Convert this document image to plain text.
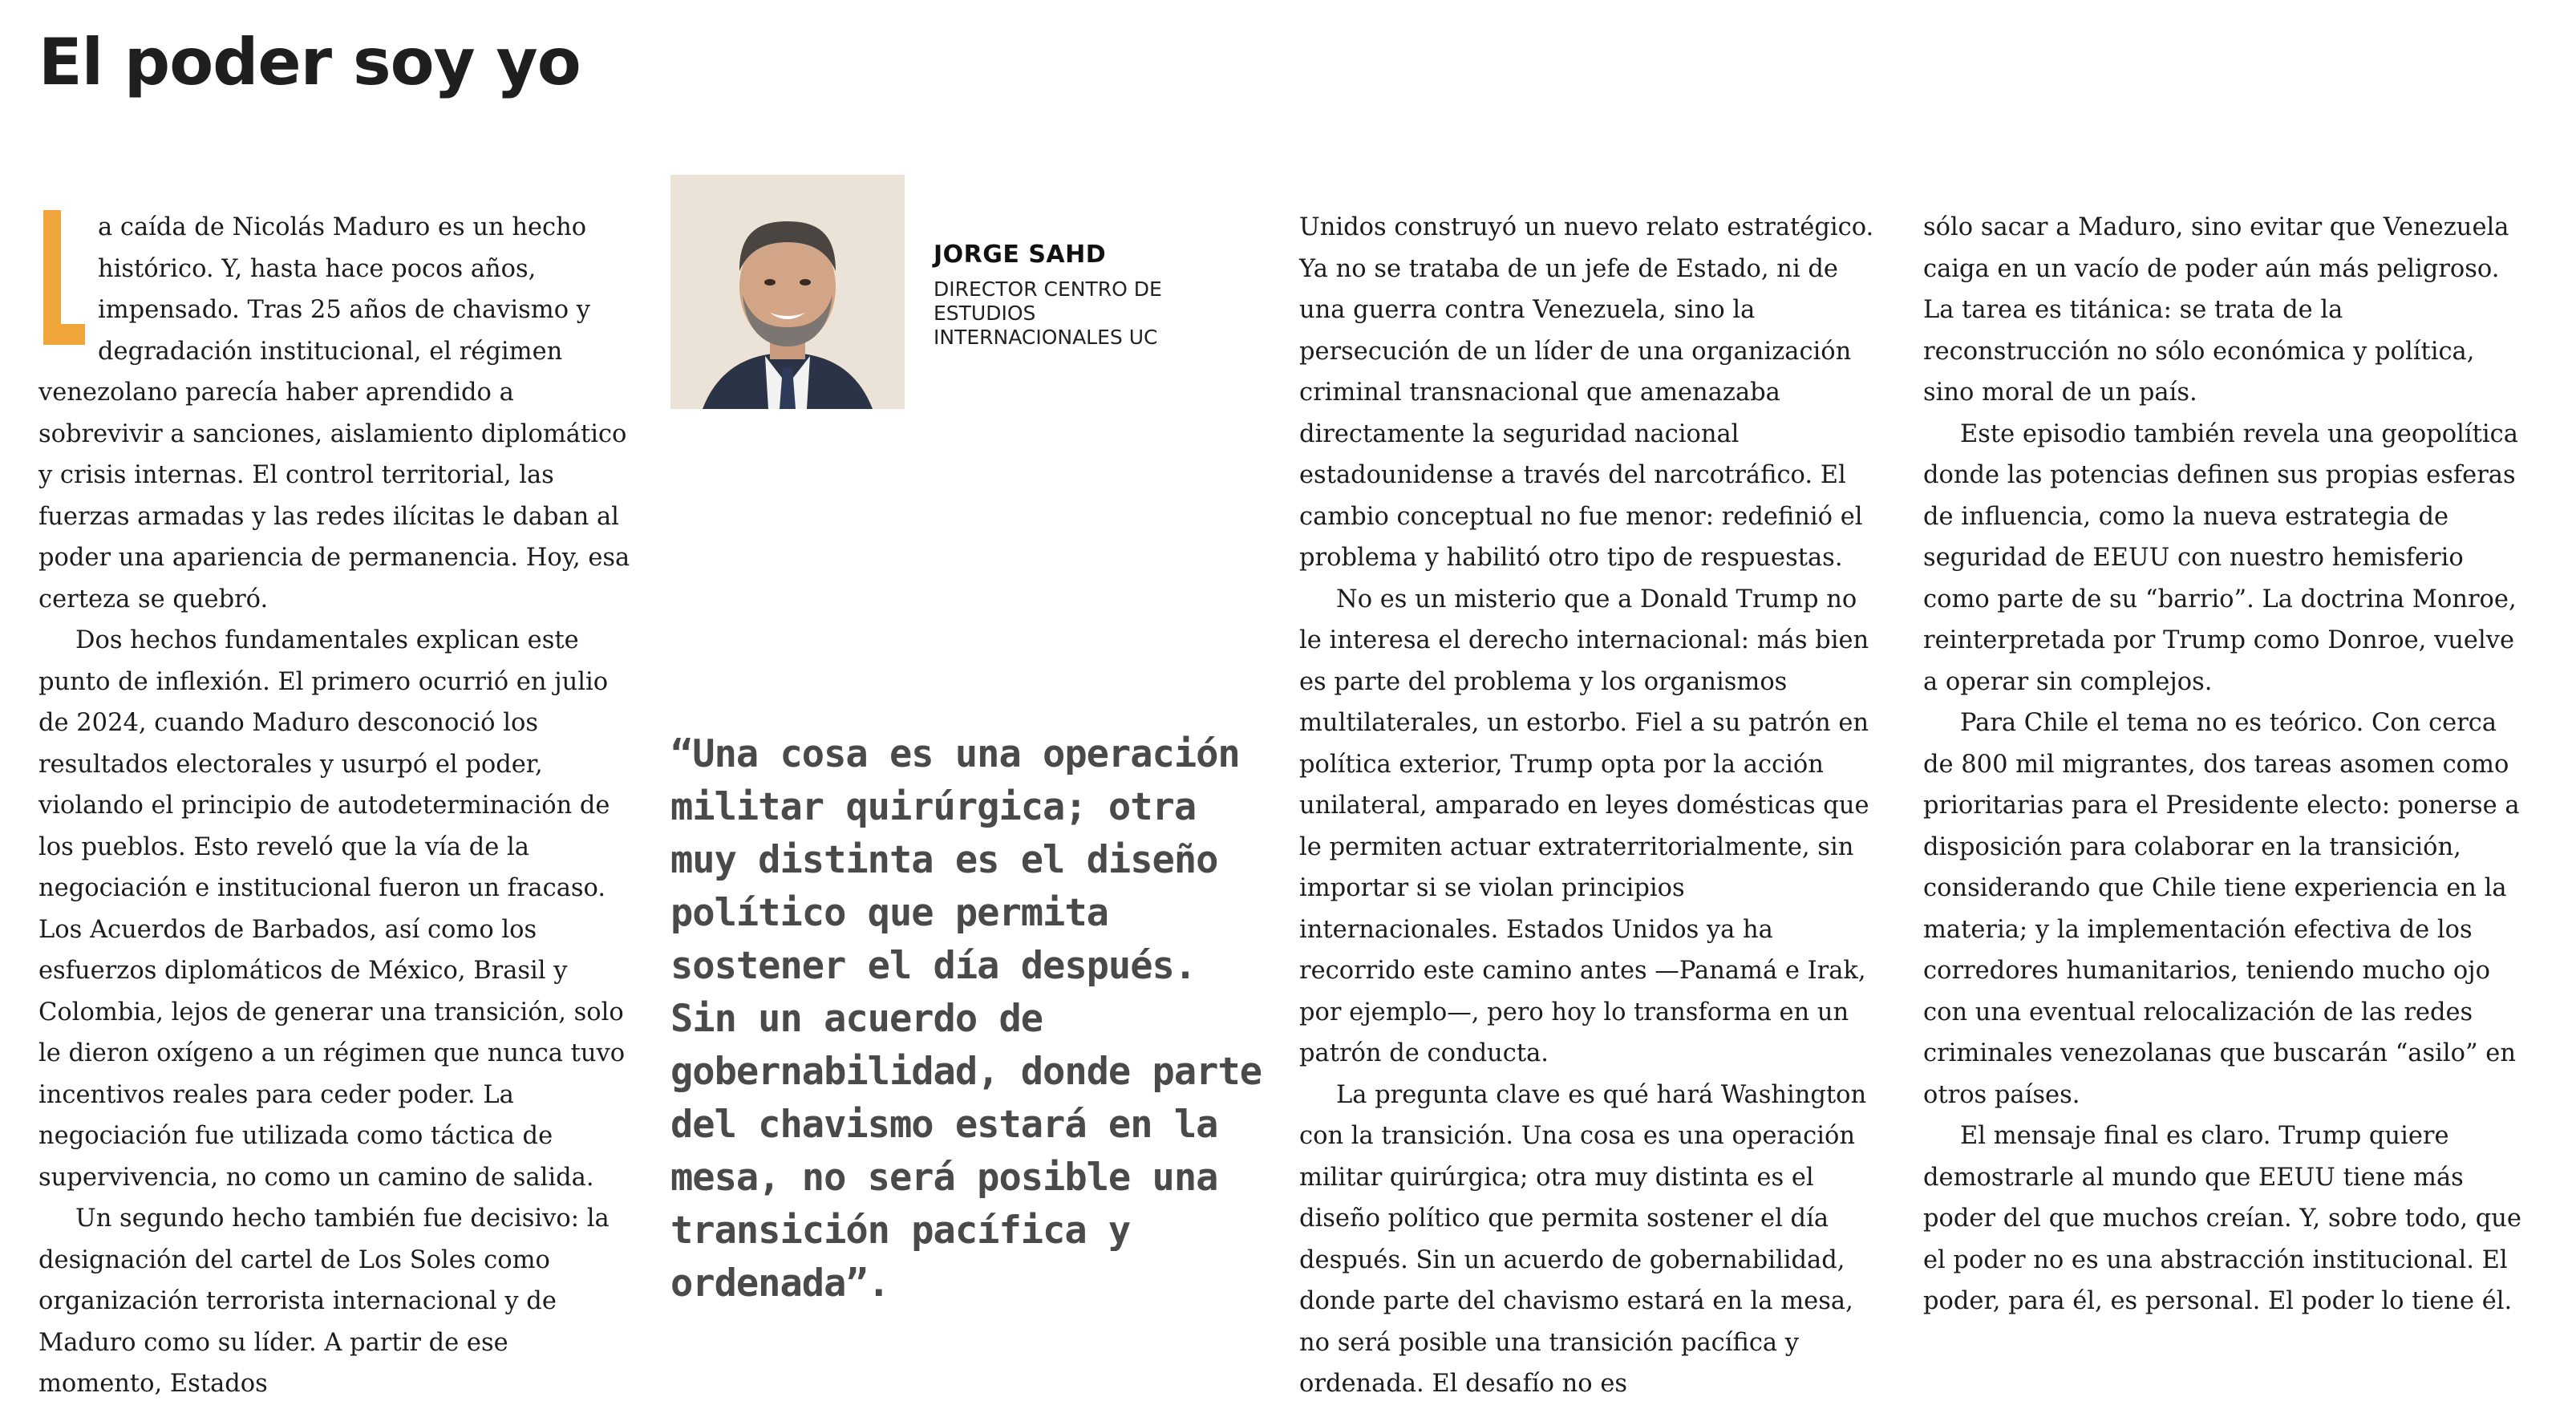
El poder soy yo

a caída de Nicolás Maduro es un hecho histórico. Y, hasta hace pocos años, impensado. Tras 25 años de chavismo y degradación institucional, el régimen venezolano parecía haber aprendido a sobrevivir a sanciones, aislamiento diplomático y crisis internas. El control territorial, las fuerzas armadas y las redes ilícitas le daban al poder una apariencia de permanencia. Hoy, esa certeza se quebró.

Dos hechos fundamentales explican este punto de inflexión. El primero ocurrió en julio de 2024, cuando Maduro desconoció los resultados electorales y usurpó el poder, violando el principio de autodeterminación de los pueblos. Esto reveló que la vía de la negociación e institucional fueron un fracaso. Los Acuerdos de Barbados, así como los esfuerzos diplomáticos de México, Brasil y Colombia, lejos de generar una transición, solo le dieron oxígeno a un régimen que nunca tuvo incentivos reales para ceder poder. La negociación fue utilizada como táctica de supervivencia, no como un camino de salida.

Un segundo hecho también fue decisivo: la designación del cartel de Los Soles como organización terrorista internacional y de Maduro como su líder. A partir de ese momento, Estados

JORGE SAHD
DIRECTOR CENTRO DE ESTUDIOS INTERNACIONALES UC
“Una cosa es una operación militar quirúrgica; otra muy distinta es el diseño político que permita sostener el día después. Sin un acuerdo de gobernabilidad, donde parte del chavismo estará en la mesa, no será posible una transición pacífica y ordenada”.

Unidos construyó un nuevo relato estratégico. Ya no se trataba de un jefe de Estado, ni de una guerra contra Venezuela, sino la persecución de un líder de una organización criminal transnacional que amenazaba directamente la seguridad nacional estadounidense a través del narcotráfico. El cambio conceptual no fue menor: redefinió el problema y habilitó otro tipo de respuestas.

No es un misterio que a Donald Trump no le interesa el derecho internacional: más bien es parte del problema y los organismos multilaterales, un estorbo. Fiel a su patrón en política exterior, Trump opta por la acción unilateral, amparado en leyes domésticas que le permiten actuar extraterritorialmente, sin importar si se violan principios internacionales. Estados Unidos ya ha recorrido este camino antes —Panamá e Irak, por ejemplo—, pero hoy lo transforma en un patrón de conducta.

La pregunta clave es qué hará Washington con la transición. Una cosa es una operación militar quirúrgica; otra muy distinta es el diseño político que permita sostener el día después. Sin un acuerdo de gobernabilidad, donde parte del chavismo estará en la mesa, no será posible una transición pacífica y ordenada. El desafío no es

sólo sacar a Maduro, sino evitar que Venezuela caiga en un vacío de poder aún más peligroso. La tarea es titánica: se trata de la reconstrucción no sólo económica y política, sino moral de un país.

Este episodio también revela una geopolítica donde las potencias definen sus propias esferas de influencia, como la nueva estrategia de seguridad de EEUU con nuestro hemisferio como parte de su “barrio”. La doctrina Monroe, reinterpretada por Trump como Donroe, vuelve a operar sin complejos.

Para Chile el tema no es teórico. Con cerca de 800 mil migrantes, dos tareas asomen como prioritarias para el Presidente electo: ponerse a disposición para colaborar en la transición, considerando que Chile tiene experiencia en la materia; y la implementación efectiva de los corredores humanitarios, teniendo mucho ojo con una eventual relocalización de las redes criminales venezolanas que buscarán “asilo” en otros países.

El mensaje final es claro. Trump quiere demostrarle al mundo que EEUU tiene más poder del que muchos creían. Y, sobre todo, que el poder no es una abstracción institucional. El poder, para él, es personal. El poder lo tiene él.
